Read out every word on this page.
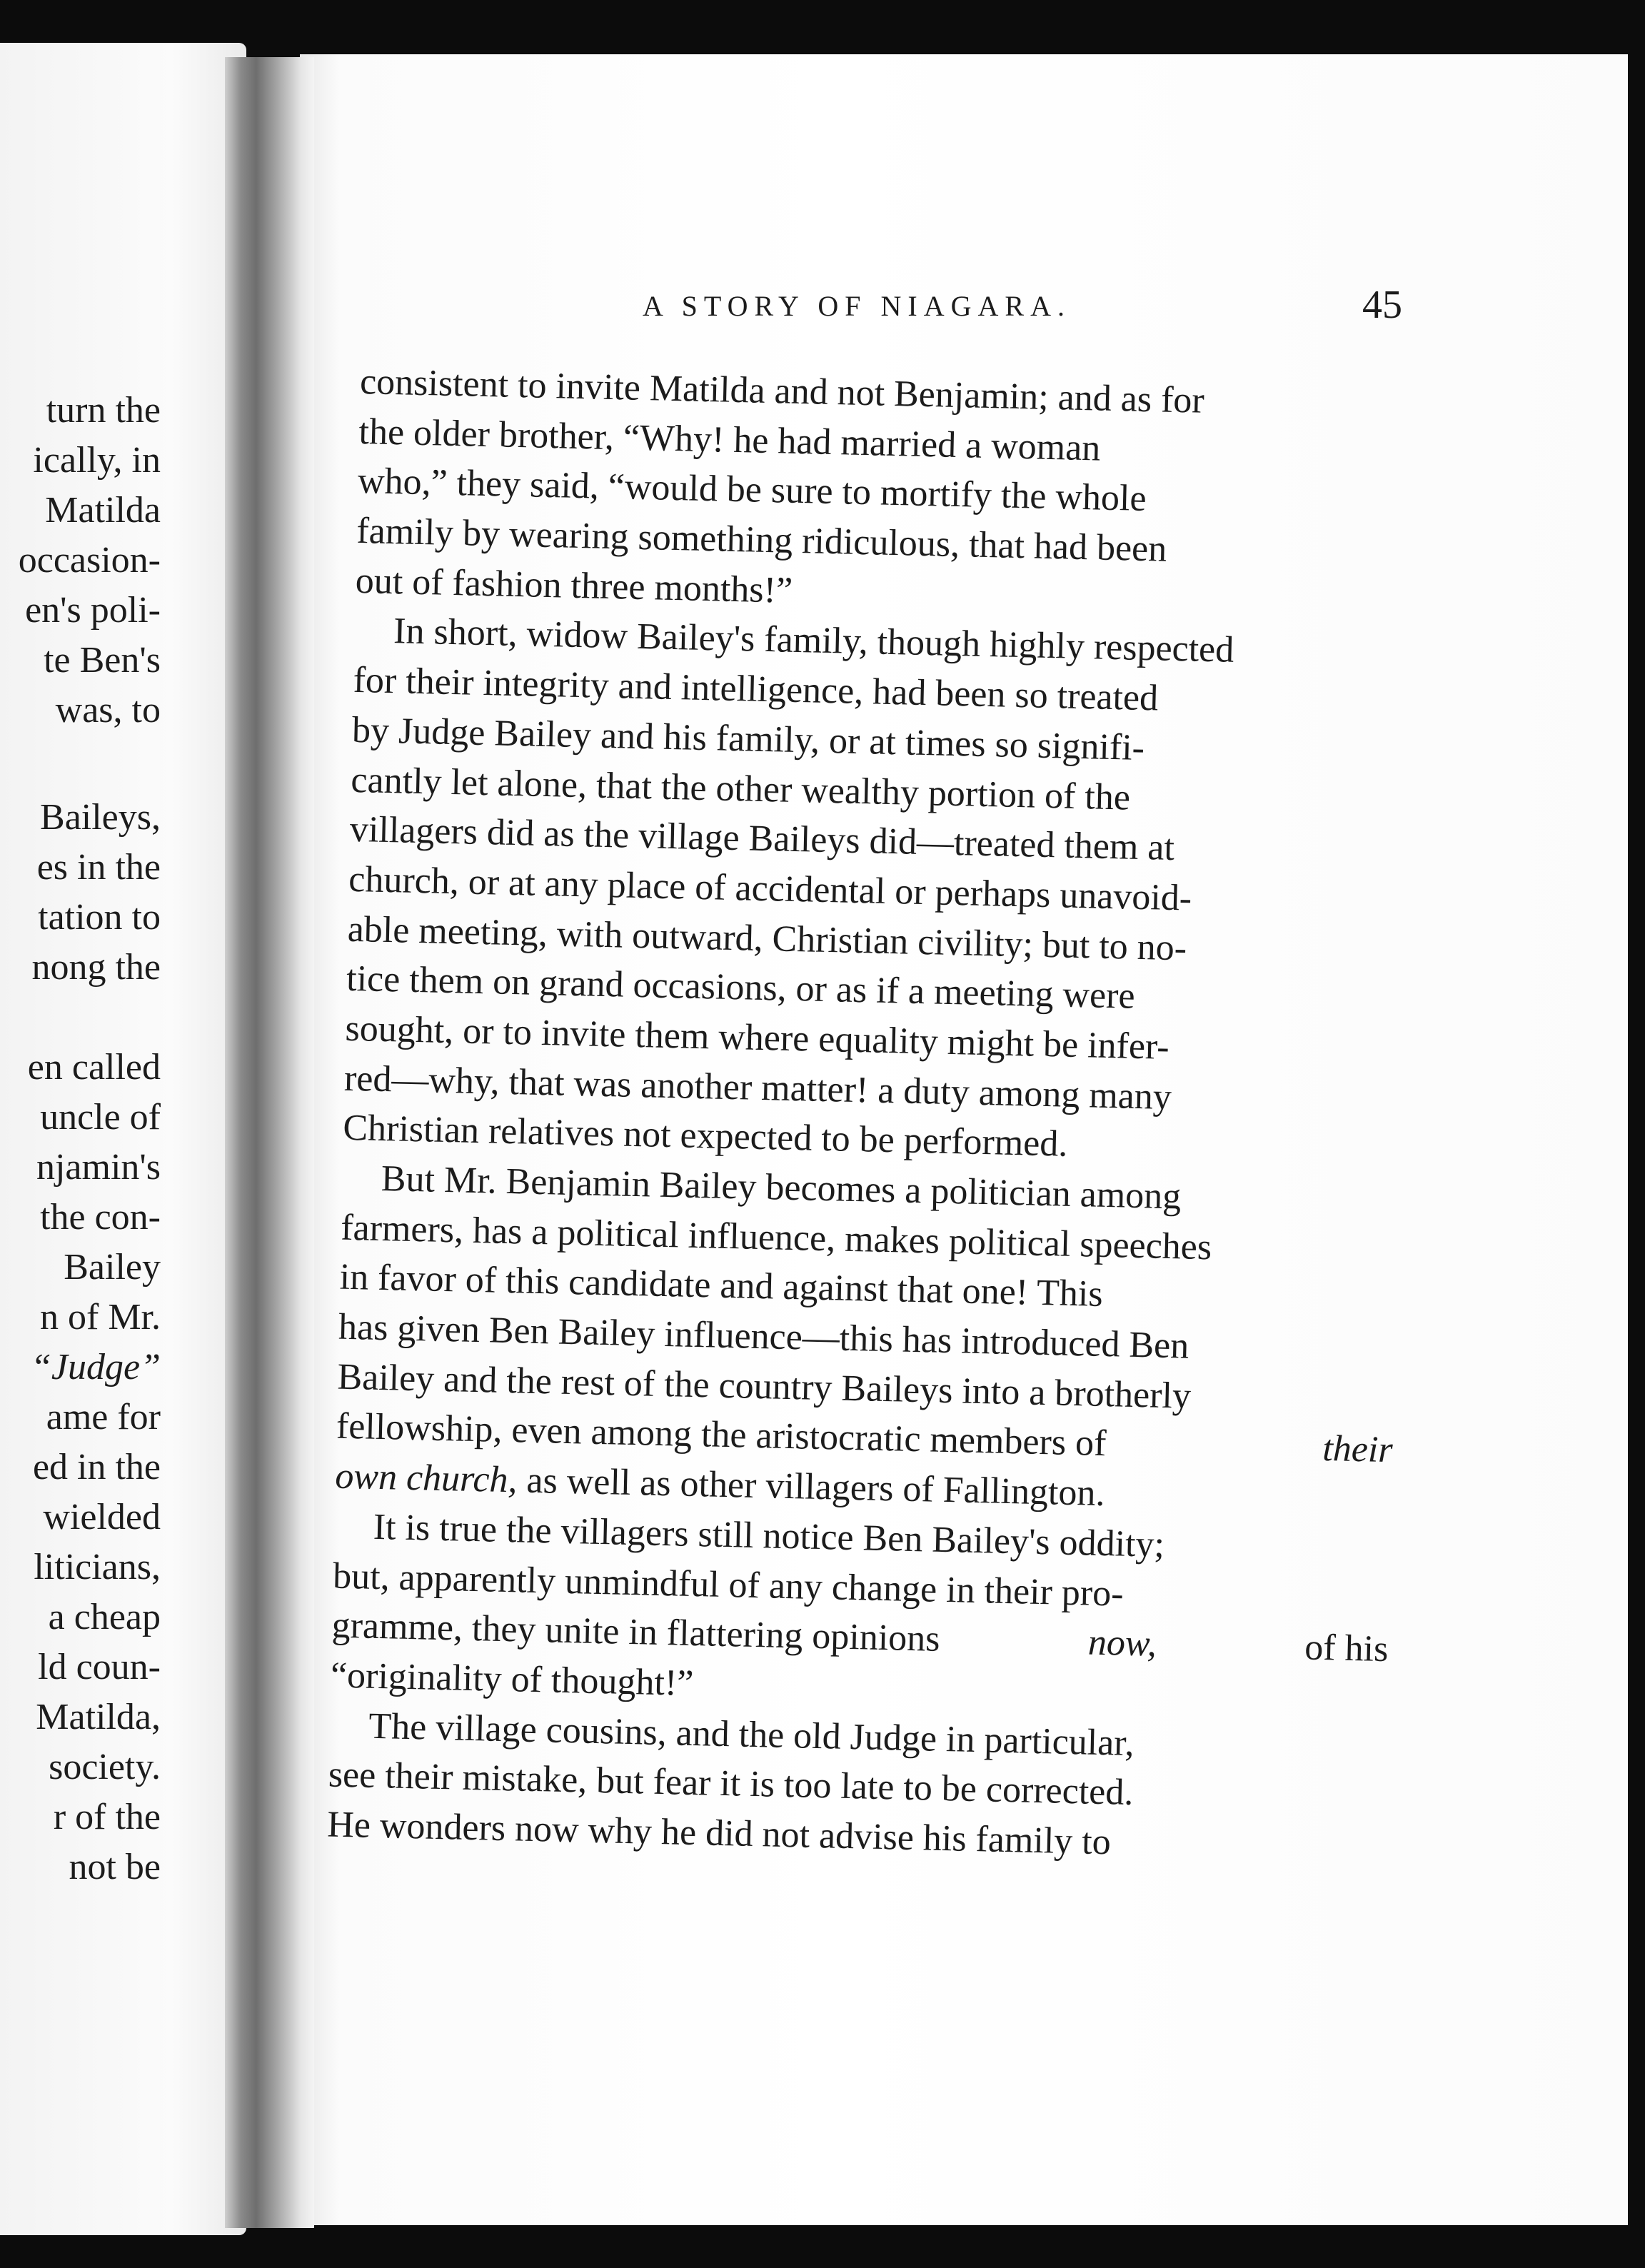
turn the
ically, in
Matilda
occasion-
en's poli-
te Ben's
was, to
Baileys,
es in the
tation to
nong the
en called
uncle of
njamin's
the con-
Bailey
n of Mr.
“Judge”
ame for
ed in the
wielded
liticians,
a cheap
ld coun-
Matilda,
society.
r of the
not be
A STORY OF NIAGARA.	45
consistent to invite Matilda and not Benjamin; and as for
the older brother, “Why! he had married a woman
who,” they said, “would be sure to mortify the whole
family by wearing something ridiculous, that had been
out of fashion three months!”
In short, widow Bailey's family, though highly respected
for their integrity and intelligence, had been so treated
by Judge Bailey and his family, or at times so signifi-
cantly let alone, that the other wealthy portion of the
villagers did as the village Baileys did—treated them at
church, or at any place of accidental or perhaps unavoid-
able meeting, with outward, Christian civility; but to no-
tice them on grand occasions, or as if a meeting were
sought, or to invite them where equality might be infer-
red—why, that was another matter! a duty among many
Christian relatives not expected to be performed.
But Mr. Benjamin Bailey becomes a politician among
farmers, has a political influence, makes political speeches
in favor of this candidate and against that one! This
has given Ben Bailey influence—this has introduced Ben
Bailey and the rest of the country Baileys into a brotherly
fellowship, even among the aristocratic members of	their
own church,
as well as other villagers of Fallington.
It is true the villagers still notice Ben Bailey's oddity;
but, apparently unmindful of any change in their pro-
gramme, they unite in flattering opinions	now,	of his
“originality of thought!”
The village cousins, and the old Judge in particular,
see their mistake, but fear it is too late to be corrected.
He wonders now why he did not advise his family to
